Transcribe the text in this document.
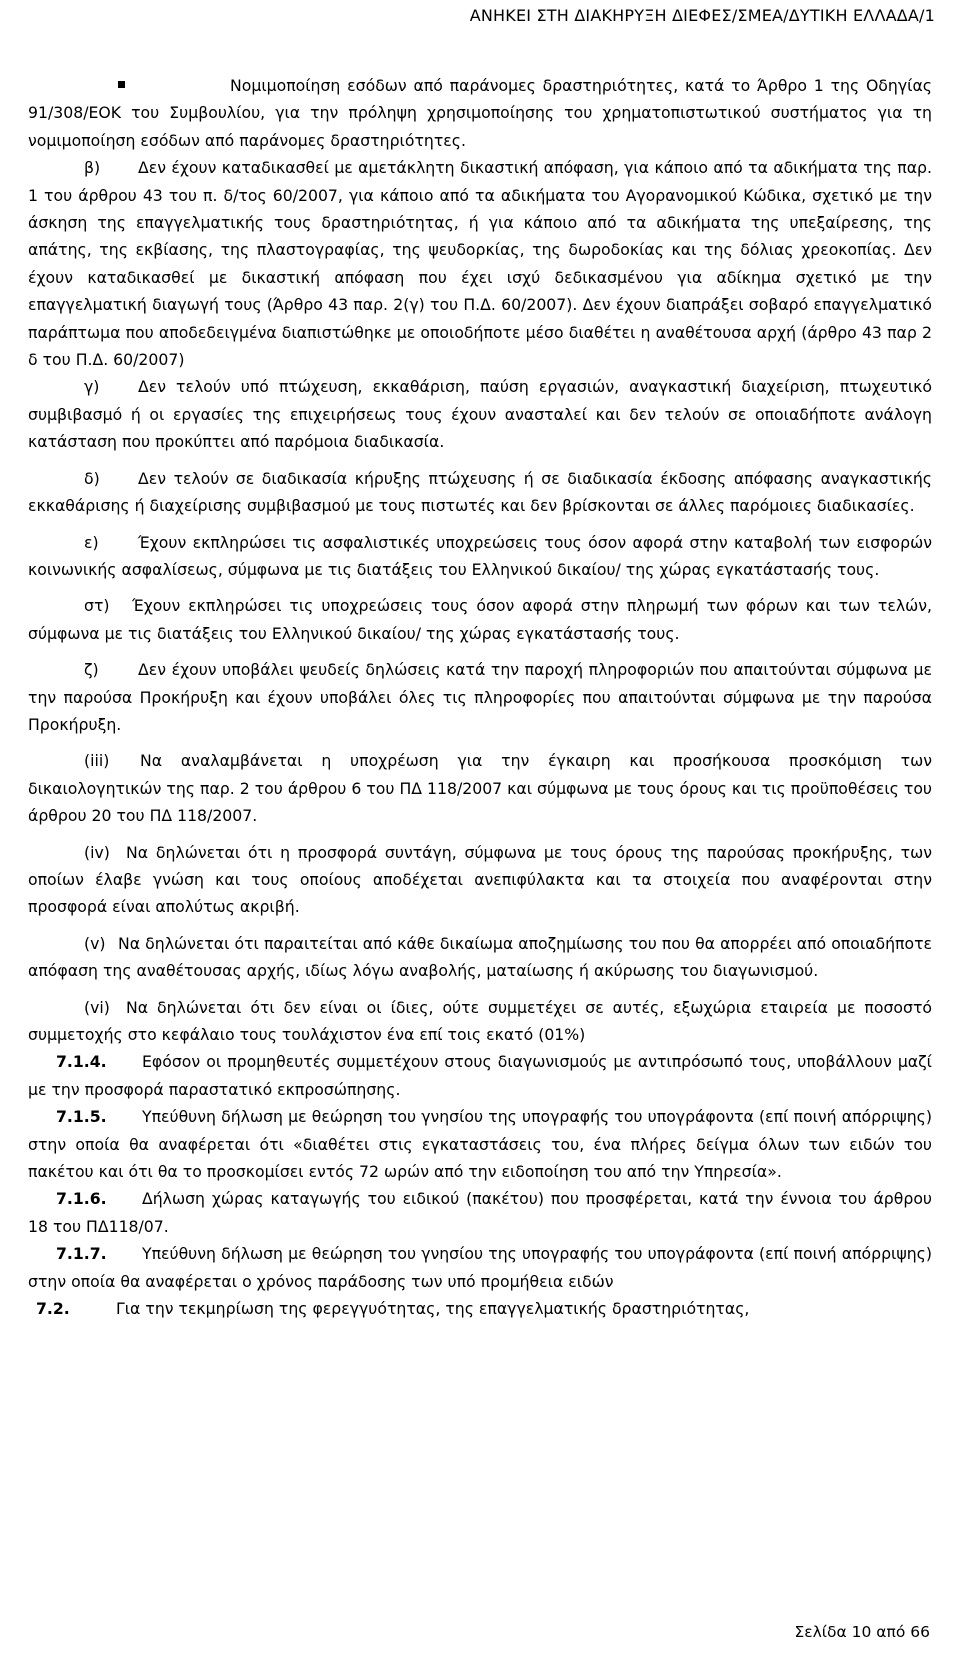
ΑΝΗΚΕΙ ΣΤΗ ΔΙΑΚΗΡΥΞΗ ΔΙΕΦΕΣ/ΣΜΕΑ/ΔΥΤΙΚΗ ΕΛΛΑΔΑ/1

Νομιμοποίηση εσόδων από παράνομες δραστηριότητες, κατά το Άρθρο 1 της Οδηγίας 91/308/ΕΟΚ του Συμβουλίου, για την πρόληψη χρησιμοποίησης του χρηματοπιστωτικού συστήματος για τη νομιμοποίηση εσόδων από παράνομες δραστηριότητες.

β) Δεν έχουν καταδικασθεί με αμετάκλητη δικαστική απόφαση, για κάποιο από τα αδικήματα της παρ. 1 του άρθρου 43 του π. δ/τος 60/2007, για κάποιο από τα αδικήματα του Αγορανομικού Κώδικα, σχετικό με την άσκηση της επαγγελματικής τους δραστηριότητας, ή για κάποιο από τα αδικήματα της υπεξαίρεσης, της απάτης, της εκβίασης, της πλαστογραφίας, της ψευδορκίας, της δωροδοκίας και της δόλιας χρεοκοπίας. Δεν έχουν καταδικασθεί με δικαστική απόφαση που έχει ισχύ δεδικασμένου για αδίκημα σχετικό με την επαγγελματική διαγωγή τους (Άρθρο 43 παρ. 2(γ) του Π.Δ. 60/2007). Δεν έχουν διαπράξει σοβαρό επαγγελματικό παράπτωμα που αποδεδειγμένα διαπιστώθηκε με οποιοδήποτε μέσο διαθέτει η αναθέτουσα αρχή (άρθρο 43 παρ 2 δ του Π.Δ. 60/2007)

γ) Δεν τελούν υπό πτώχευση, εκκαθάριση, παύση εργασιών, αναγκαστική διαχείριση, πτωχευτικό συμβιβασμό ή οι εργασίες της επιχειρήσεως τους έχουν ανασταλεί και δεν τελούν σε οποιαδήποτε ανάλογη κατάσταση που προκύπτει από παρόμοια διαδικασία.

δ) Δεν τελούν σε διαδικασία κήρυξης πτώχευσης ή σε διαδικασία έκδοσης απόφασης αναγκαστικής εκκαθάρισης ή διαχείρισης συμβιβασμού με τους πιστωτές και δεν βρίσκονται σε άλλες παρόμοιες διαδικασίες.

ε)	Έχουν εκπληρώσει τις ασφαλιστικές υποχρεώσεις τους όσον αφορά στην καταβολή των εισφορών κοινωνικής ασφαλίσεως, σύμφωνα με τις διατάξεις του Ελληνικού δικαίου/ της χώρας εγκατάστασής τους.

στ) Έχουν εκπληρώσει τις υποχρεώσεις τους όσον αφορά στην πληρωμή των φόρων και των τελών, σύμφωνα με τις διατάξεις του Ελληνικού δικαίου/ της χώρας εγκατάστασής τους.

ζ)	Δεν έχουν υποβάλει ψευδείς δηλώσεις κατά την παροχή πληροφοριών που απαιτούνται σύμφωνα με την παρούσα Προκήρυξη και έχουν υποβάλει όλες τις πληροφορίες που απαιτούνται σύμφωνα με την παρούσα Προκήρυξη.

(iii) Να αναλαμβάνεται η υποχρέωση για την έγκαιρη και προσήκουσα προσκόμιση των δικαιολογητικών της παρ. 2 του άρθρου 6 του ΠΔ 118/2007 και σύμφωνα με τους όρους και τις προϋποθέσεις του άρθρου 20 του ΠΔ 118/2007.

(iv) Να δηλώνεται ότι η προσφορά συντάγη, σύμφωνα με τους όρους της παρούσας προκήρυξης, των οποίων έλαβε γνώση και τους οποίους αποδέχεται ανεπιφύλακτα και τα στοιχεία που αναφέρονται στην προσφορά είναι απολύτως ακριβή.

(v) Να δηλώνεται ότι παραιτείται από κάθε δικαίωμα αποζημίωσης του που θα απορρέει από οποιαδήποτε απόφαση της αναθέτουσας αρχής, ιδίως λόγω αναβολής, ματαίωσης ή ακύρωσης του διαγωνισμού.

(vi) Να δηλώνεται ότι δεν είναι οι ίδιες, ούτε συμμετέχει σε αυτές, εξωχώρια εταιρεία με ποσοστό συμμετοχής στο κεφάλαιο τους τουλάχιστον ένα επί τοις εκατό (01%)

7.1.4. Εφόσον οι προμηθευτές συμμετέχουν στους διαγωνισμούς με αντιπρόσωπό τους, υποβάλλουν μαζί με την προσφορά παραστατικό εκπροσώπησης.

7.1.5. Υπεύθυνη δήλωση με θεώρηση του γνησίου της υπογραφής του υπογράφοντα (επί ποινή απόρριψης) στην οποία θα αναφέρεται ότι «διαθέτει στις εγκαταστάσεις του, ένα πλήρες δείγμα όλων των ειδών του πακέτου και ότι θα το προσκομίσει εντός 72 ωρών από την ειδοποίηση του από την Υπηρεσία».

7.1.6. Δήλωση χώρας καταγωγής του ειδικού (πακέτου) που προσφέρεται, κατά την έννοια του άρθρου 18 του ΠΔ118/07.

7.1.7. Υπεύθυνη δήλωση με θεώρηση του γνησίου της υπογραφής του υπογράφοντα (επί ποινή απόρριψης) στην οποία θα αναφέρεται ο χρόνος παράδοσης των υπό προμήθεια ειδών

7.2.	Για την τεκμηρίωση της φερεγγυότητας, της επαγγελματικής δραστηριότητας,

Σελίδα 10 από 66
